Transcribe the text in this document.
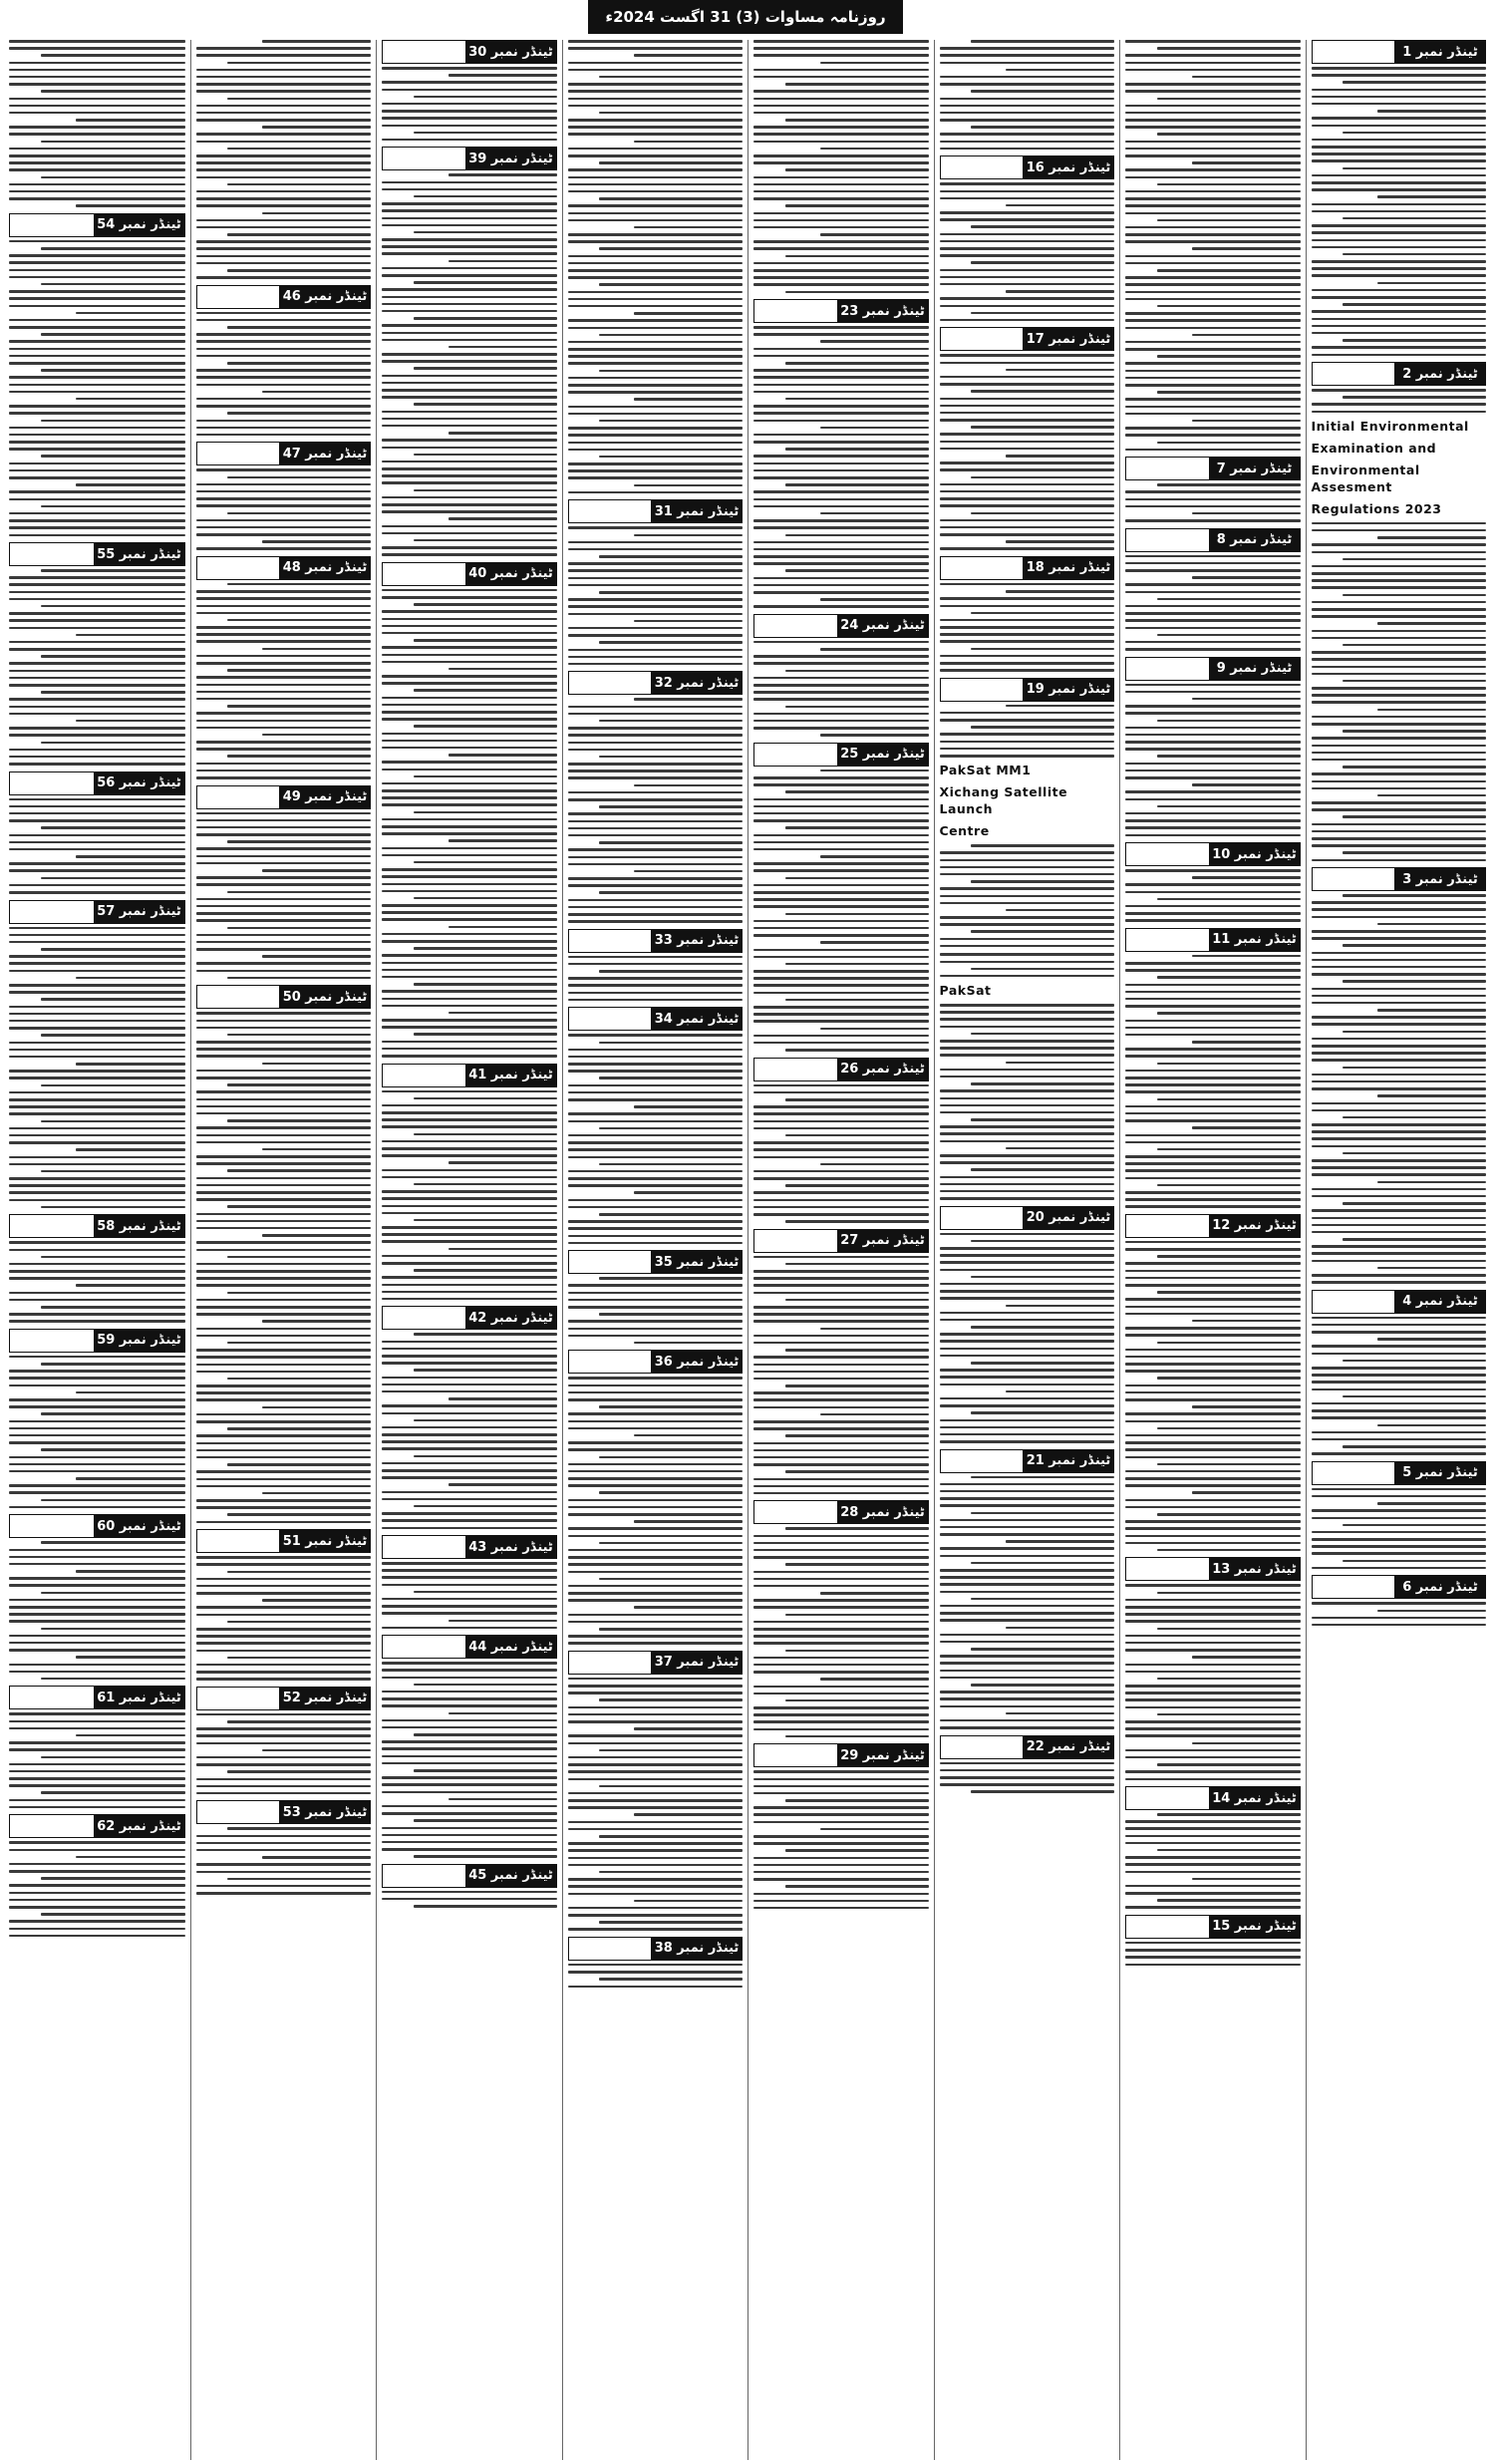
روزنامہ مساوات (3) 31 اگست 2024ء
ٹینڈر نمبر 1
ٹینڈر نمبر 2
Initial Environmental
Examination and
Environmental Assesment
Regulations 2023
ٹینڈر نمبر 3
ٹینڈر نمبر 4
ٹینڈر نمبر 5
ٹینڈر نمبر 6
ٹینڈر نمبر 7
ٹینڈر نمبر 8
ٹینڈر نمبر 9
ٹینڈر نمبر 10
ٹینڈر نمبر 11
ٹینڈر نمبر 12
ٹینڈر نمبر 13
ٹینڈر نمبر 14
ٹینڈر نمبر 15
ٹینڈر نمبر 16
ٹینڈر نمبر 17
ٹینڈر نمبر 18
ٹینڈر نمبر 19
PakSat MM1
Xichang Satellite Launch
Centre
PakSat
ٹینڈر نمبر 20
ٹینڈر نمبر 21
ٹینڈر نمبر 22
ٹینڈر نمبر 23
ٹینڈر نمبر 24
ٹینڈر نمبر 25
ٹینڈر نمبر 26
ٹینڈر نمبر 27
ٹینڈر نمبر 28
ٹینڈر نمبر 29
ٹینڈر نمبر 31
ٹینڈر نمبر 32
ٹینڈر نمبر 33
ٹینڈر نمبر 34
ٹینڈر نمبر 35
ٹینڈر نمبر 36
ٹینڈر نمبر 37
ٹینڈر نمبر 38
ٹینڈر نمبر 30
ٹینڈر نمبر 39
ٹینڈر نمبر 40
ٹینڈر نمبر 41
ٹینڈر نمبر 42
ٹینڈر نمبر 43
ٹینڈر نمبر 44
ٹینڈر نمبر 45
ٹینڈر نمبر 46
ٹینڈر نمبر 47
ٹینڈر نمبر 48
ٹینڈر نمبر 49
ٹینڈر نمبر 50
ٹینڈر نمبر 51
ٹینڈر نمبر 52
ٹینڈر نمبر 53
ٹینڈر نمبر 54
ٹینڈر نمبر 55
ٹینڈر نمبر 56
ٹینڈر نمبر 57
ٹینڈر نمبر 58
ٹینڈر نمبر 59
ٹینڈر نمبر 60
ٹینڈر نمبر 61
ٹینڈر نمبر 62
